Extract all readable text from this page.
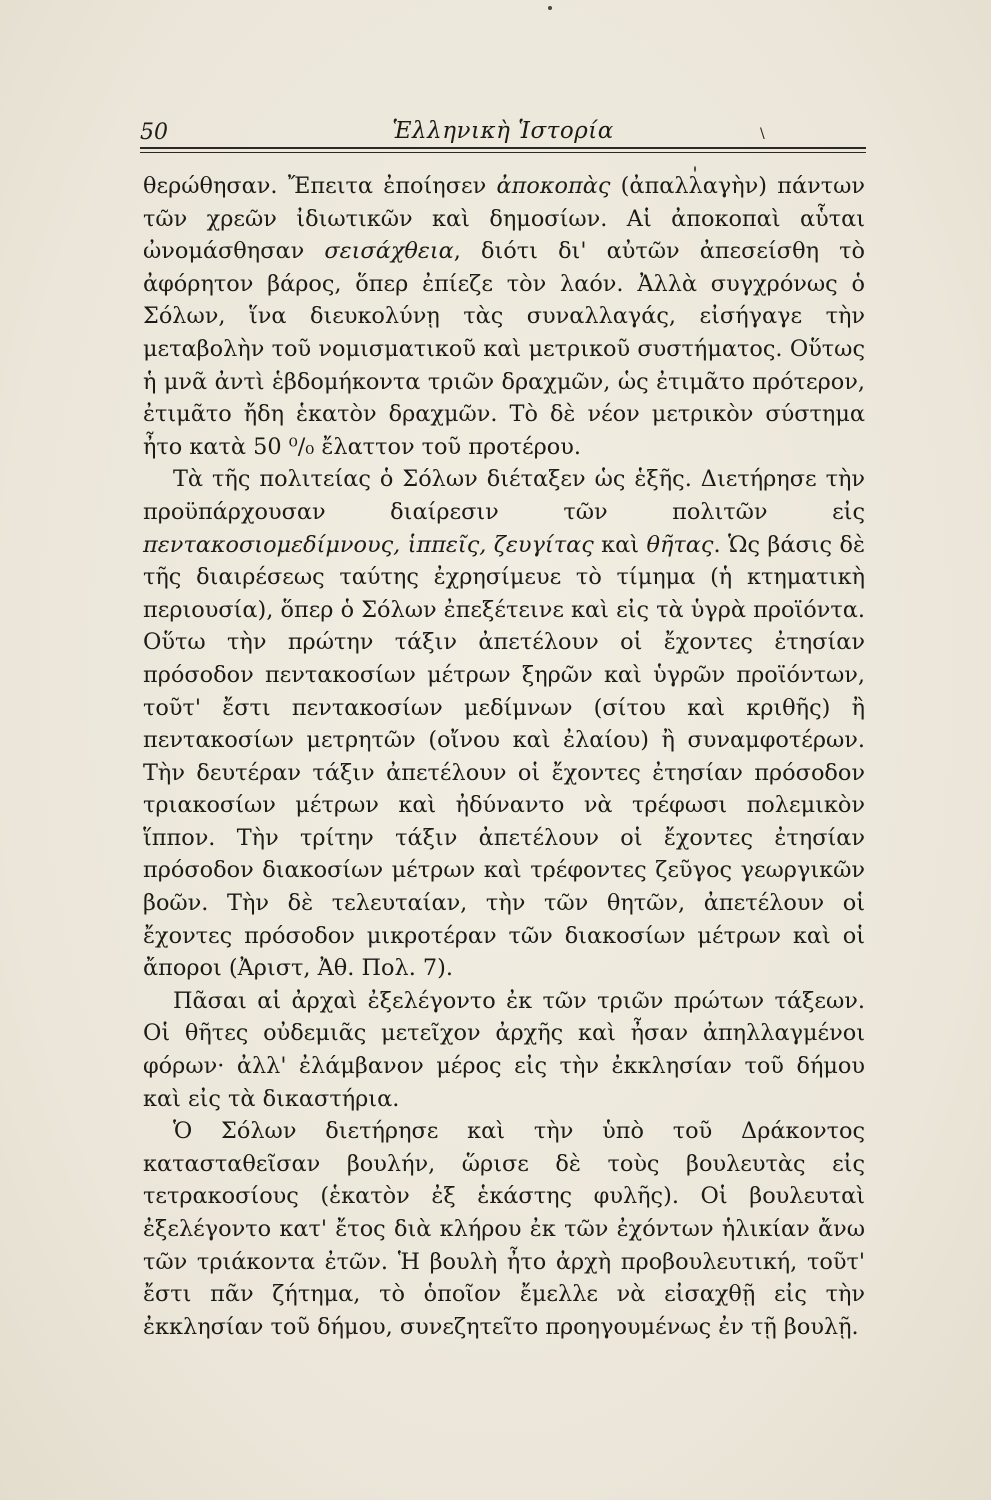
50	Ἑλληνικὴ Ἱστορία	\

θερώθησαν. Ἔπειτα ἐποίησεν ἀποκοπὰς (ἀπαλλαγὴν) πάντων τῶν χρεῶν ἰδιωτικῶν καὶ δημοσίων. Αἱ ἀποκοπαὶ αὗται ὠνομάσθησαν σεισάχθεια, διότι δι' αὐτῶν ἀπεσείσθη τὸ ἀφόρητον βάρος, ὅπερ ἐπίεζε τὸν λαόν. Ἀλλὰ συγχρόνως ὁ Σόλων, ἵνα διευκολύνῃ τὰς συναλλαγάς, εἰσήγαγε τὴν μεταβολὴν τοῦ νομισματικοῦ καὶ μετρικοῦ συστήματος. Οὕτως ἡ μνᾶ ἀντὶ ἑβδομήκοντα τριῶν δραχμῶν, ὡς ἐτιμᾶτο πρότερον, ἐτιμᾶτο ἤδη ἑκατὸν δραχμῶν. Τὸ δὲ νέον μετρικὸν σύστημα ἦτο κατὰ 50 ⁰/₀ ἔλαττον τοῦ προτέρου.

Τὰ τῆς πολιτείας ὁ Σόλων διέταξεν ὡς ἑξῆς. Διετήρησε τὴν προϋπάρχουσαν διαίρεσιν τῶν πολιτῶν εἰς πεντακοσιομεδίμνους, ἱππεῖς, ζευγίτας καὶ θῆτας. Ὡς βάσις δὲ τῆς διαιρέσεως ταύτης ἐχρησίμευε τὸ τίμημα (ἡ κτηματικὴ περιουσία), ὅπερ ὁ Σόλων ἐπεξέτεινε καὶ εἰς τὰ ὑγρὰ προϊόντα. Οὕτω τὴν πρώτην τάξιν ἀπετέλουν οἱ ἔχοντες ἐτησίαν πρόσοδον πεντακοσίων μέτρων ξηρῶν καὶ ὑγρῶν προϊόντων, τοῦτ' ἔστι πεντακοσίων μεδίμνων (σίτου καὶ κριθῆς) ἢ πεντακοσίων μετρητῶν (οἴνου καὶ ἐλαίου) ἢ συναμφοτέρων. Τὴν δευτέραν τάξιν ἀπετέλουν οἱ ἔχοντες ἐτησίαν πρόσοδον τριακοσίων μέτρων καὶ ἠδύναντο νὰ τρέφωσι πολεμικὸν ἵππον. Τὴν τρίτην τάξιν ἀπετέλουν οἱ ἔχοντες ἐτησίαν πρόσοδον διακοσίων μέτρων καὶ τρέφοντες ζεῦγος γεωργικῶν βοῶν. Τὴν δὲ τελευταίαν, τὴν τῶν θητῶν, ἀπετέλουν οἱ ἔχοντες πρόσοδον μικροτέραν τῶν διακοσίων μέτρων καὶ οἱ ἄποροι (Ἀριστ, Ἀθ. Πολ. 7).

Πᾶσαι αἱ ἀρχαὶ ἐξελέγοντο ἐκ τῶν τριῶν πρώτων τάξεων. Οἱ θῆτες οὐδεμιᾶς μετεῖχον ἀρχῆς καὶ ἦσαν ἀπηλλαγμένοι φόρων· ἀλλ' ἐλάμβανον μέρος εἰς τὴν ἐκκλησίαν τοῦ δήμου καὶ εἰς τὰ δικαστήρια.

Ὁ Σόλων διετήρησε καὶ τὴν ὑπὸ τοῦ Δράκοντος κατασταθεῖσαν βουλήν, ὥρισε δὲ τοὺς βουλευτὰς εἰς τετρακοσίους (ἑκατὸν ἐξ ἑκάστης φυλῆς). Οἱ βουλευταὶ ἐξελέγοντο κατ' ἔτος διὰ κλήρου ἐκ τῶν ἐχόντων ἡλικίαν ἄνω τῶν τριάκοντα ἐτῶν. Ἡ βουλὴ ἦτο ἀρχὴ προβουλευτική, τοῦτ' ἔστι πᾶν ζήτημα, τὸ ὁποῖον ἔμελλε νὰ εἰσαχθῇ εἰς τὴν ἐκκλησίαν τοῦ δήμου, συνεζητεῖτο προηγουμένως ἐν τῇ βουλῇ.
